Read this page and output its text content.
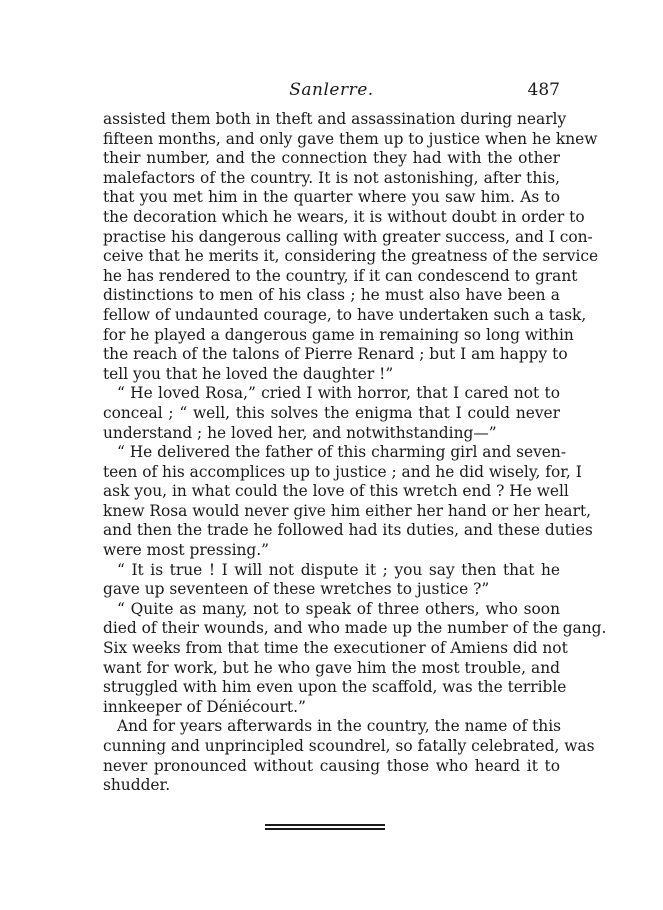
Sanlerre.	487
assisted them both in theft and assassination during nearly
fifteen months, and only gave them up to justice when he knew
their number, and the connection they had with the other
malefactors of the country. It is not astonishing, after this,
that you met him in the quarter where you saw him. As to
the decoration which he wears, it is without doubt in order to
practise his dangerous calling with greater success, and I con-
ceive that he merits it, considering the greatness of the service
he has rendered to the country, if it can condescend to grant
distinctions to men of his class ; he must also have been a
fellow of undaunted courage, to have undertaken such a task,
for he played a dangerous game in remaining so long within
the reach of the talons of Pierre Renard ; but I am happy to
tell you that he loved the daughter !”
“ He loved Rosa,” cried I with horror, that I cared not to
conceal ; “ well, this solves the enigma that I could never
understand ; he loved her, and notwithstanding—”
“ He delivered the father of this charming girl and seven-
teen of his accomplices up to justice ; and he did wisely, for, I
ask you, in what could the love of this wretch end ? He well
knew Rosa would never give him either her hand or her heart,
and then the trade he followed had its duties, and these duties
were most pressing.”
“ It is true ! I will not dispute it ; you say then that he
gave up seventeen of these wretches to justice ?”
“ Quite as many, not to speak of three others, who soon
died of their wounds, and who made up the number of the gang.
Six weeks from that time the executioner of Amiens did not
want for work, but he who gave him the most trouble, and
struggled with him even upon the scaffold, was the terrible
innkeeper of Déniécourt.”
And for years afterwards in the country, the name of this
cunning and unprincipled scoundrel, so fatally celebrated, was
never pronounced without causing those who heard it to
shudder.
